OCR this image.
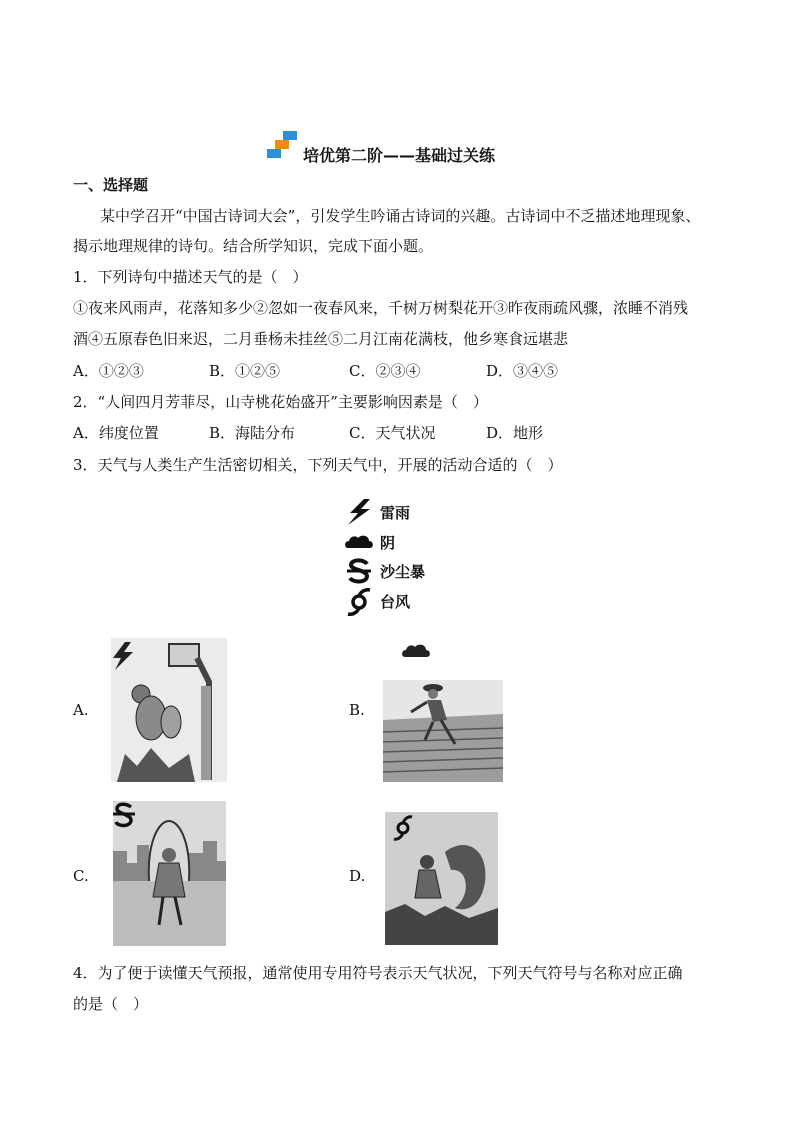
培优第二阶——基础过关练
一、选择题
某中学召开“中国古诗词大会”，引发学生吟诵古诗词的兴趣。古诗词中不乏描述地理现象、
揭示地理规律的诗句。结合所学知识，完成下面小题。
1．下列诗句中描述天气的是（　）
①夜来风雨声，花落知多少②忽如一夜春风来，千树万树梨花开③昨夜雨疏风骤，浓睡不消残
酒④五原春色旧来迟，二月垂杨未挂丝⑤二月江南花满枝，他乡寒食远堪悲
A．①②③	B．①②⑤	C．②③④	D．③④⑤
2．“人间四月芳菲尽，山寺桃花始盛开”主要影响因素是（　）
A．纬度位置	B．海陆分布	C．天气状况	D．地形
3．天气与人类生产生活密切相关，下列天气中，开展的活动合适的（　）
雷雨
阴
沙尘暴
台风
A.	B.
C.	D.
4．为了便于读懂天气预报，通常使用专用符号表示天气状况，下列天气符号与名称对应正确
的是（　）
